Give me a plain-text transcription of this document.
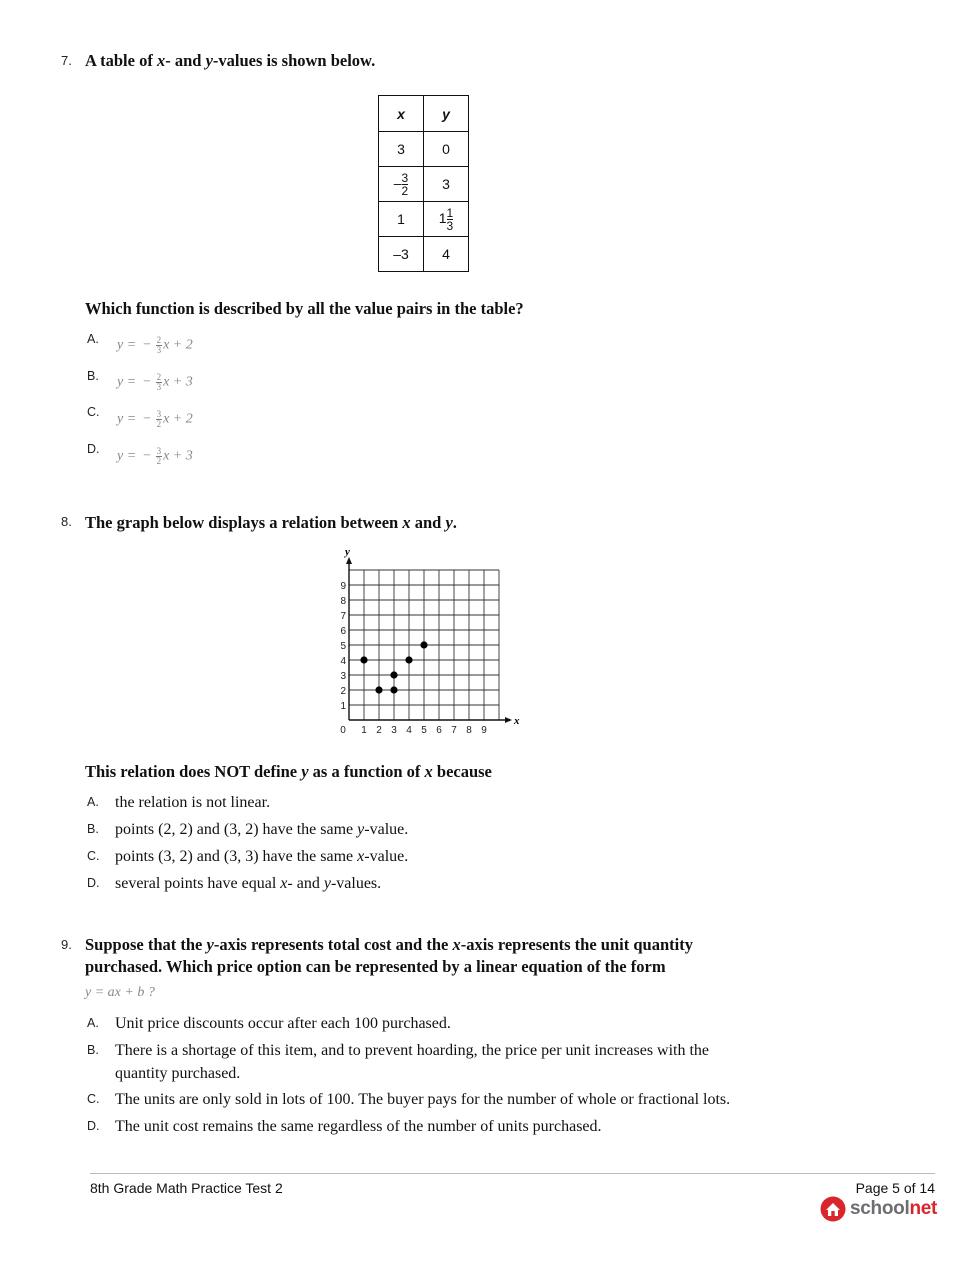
7. A table of x- and y-values is shown below.
x	y
3	0
– $\frac{3}{2}$	3
1	$1 \frac{1}{3}$

–3	4
Which function is described by all the value pairs in the table?
A. y = − $\frac{2}{3}$ x + 2
B. y = − $\frac{2}{3}$ x + 3
C. y = − $\frac{3}{2}$ x + 2
D. y = − $\frac{3}{2}$ x + 3
8. The graph below displays a relation between x and y.
x
y
0 1 2 3 4 5 6 7 8 9
1
2
3
4
5
6
7
8
9
This relation does NOT define y as a function of x because
A. the relation is not linear.
B. points (2, 2) and (3, 2) have the same y-value.
C. points (3, 2) and (3, 3) have the same x-value.
D. several points have equal x- and y-values.
9. Suppose that the y-axis represents total cost and the x-axis represents the unit quantity
purchased. Which price option can be represented by a linear equation of the form
y = ax + b ?
A. Unit price discounts occur after each 100 purchased.
B. There is a shortage of this item, and to prevent hoarding, the price per unit increases with the
quantity purchased.
C. The units are only sold in lots of 100. The buyer pays for the number of whole or fractional lots.
D. The unit cost remains the same regardless of the number of units purchased.
8th Grade Math Practice Test 2	Page 5 of 14
schoolnet
